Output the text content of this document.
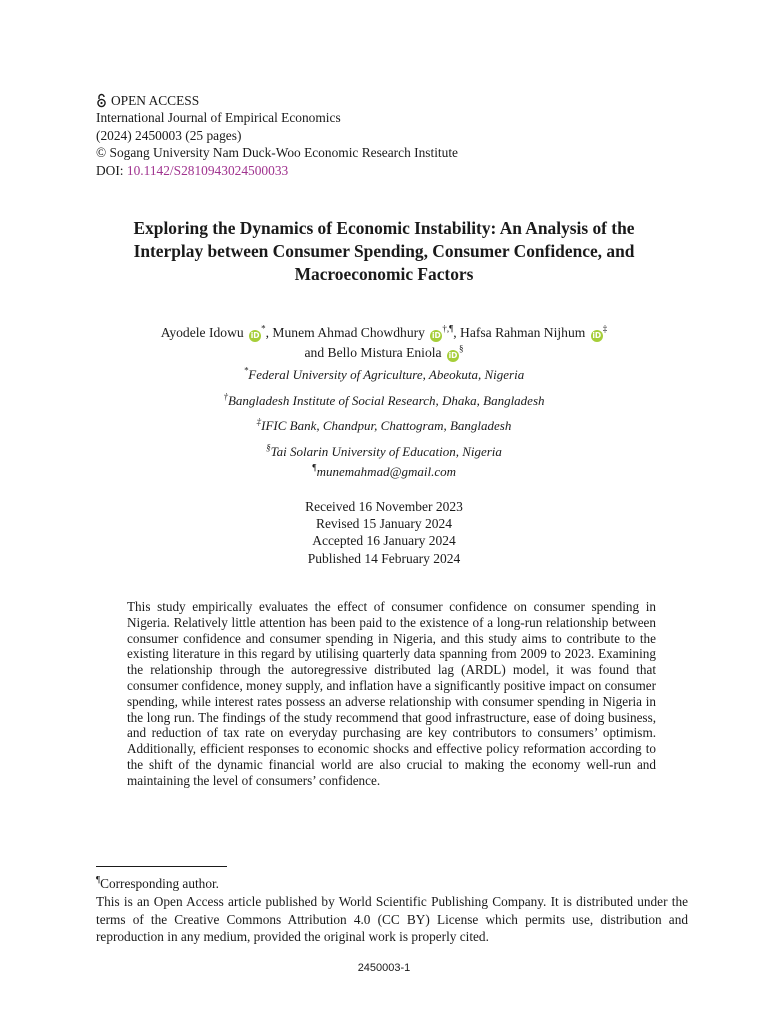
OPEN ACCESS
International Journal of Empirical Economics
(2024) 2450003 (25 pages)
© Sogang University Nam Duck-Woo Economic Research Institute
DOI: 10.1142/S2810943024500033
Exploring the Dynamics of Economic Instability: An Analysis of the Interplay between Consumer Spending, Consumer Confidence, and Macroeconomic Factors
Ayodele Idowu iD*, Munem Ahmad Chowdhury iD†,¶, Hafsa Rahman Nijhum iD‡
and Bello Mistura Eniola iD§
*Federal University of Agriculture, Abeokuta, Nigeria
†Bangladesh Institute of Social Research, Dhaka, Bangladesh
‡IFIC Bank, Chandpur, Chattogram, Bangladesh
§Tai Solarin University of Education, Nigeria
¶munemahmad@gmail.com
Received 16 November 2023
Revised 15 January 2024
Accepted 16 January 2024
Published 14 February 2024

This study empirically evaluates the effect of consumer confidence on consumer spending in Nigeria. Relatively little attention has been paid to the existence of a long-run relationship between consumer confidence and consumer spending in Nigeria, and this study aims to contribute to the existing literature in this regard by utilising quarterly data spanning from 2009 to 2023. Examining the relationship through the autoregressive distributed lag (ARDL) model, it was found that consumer confidence, money supply, and inflation have a significantly positive impact on consumer spending, while interest rates possess an adverse relationship with consumer spending in Nigeria in the long run. The findings of the study recommend that good infrastructure, ease of doing business, and reduction of tax rate on everyday purchasing are key contributors to consumers’ optimism. Additionally, efficient responses to economic shocks and effective policy reformation according to the shift of the dynamic financial world are also crucial to making the economy well-run and maintaining the level of consumers’ confidence.

¶Corresponding author.

This is an Open Access article published by World Scientific Publishing Company. It is distributed under the terms of the Creative Commons Attribution 4.0 (CC BY) License which permits use, distribution and reproduction in any medium, provided the original work is properly cited.

2450003-1
